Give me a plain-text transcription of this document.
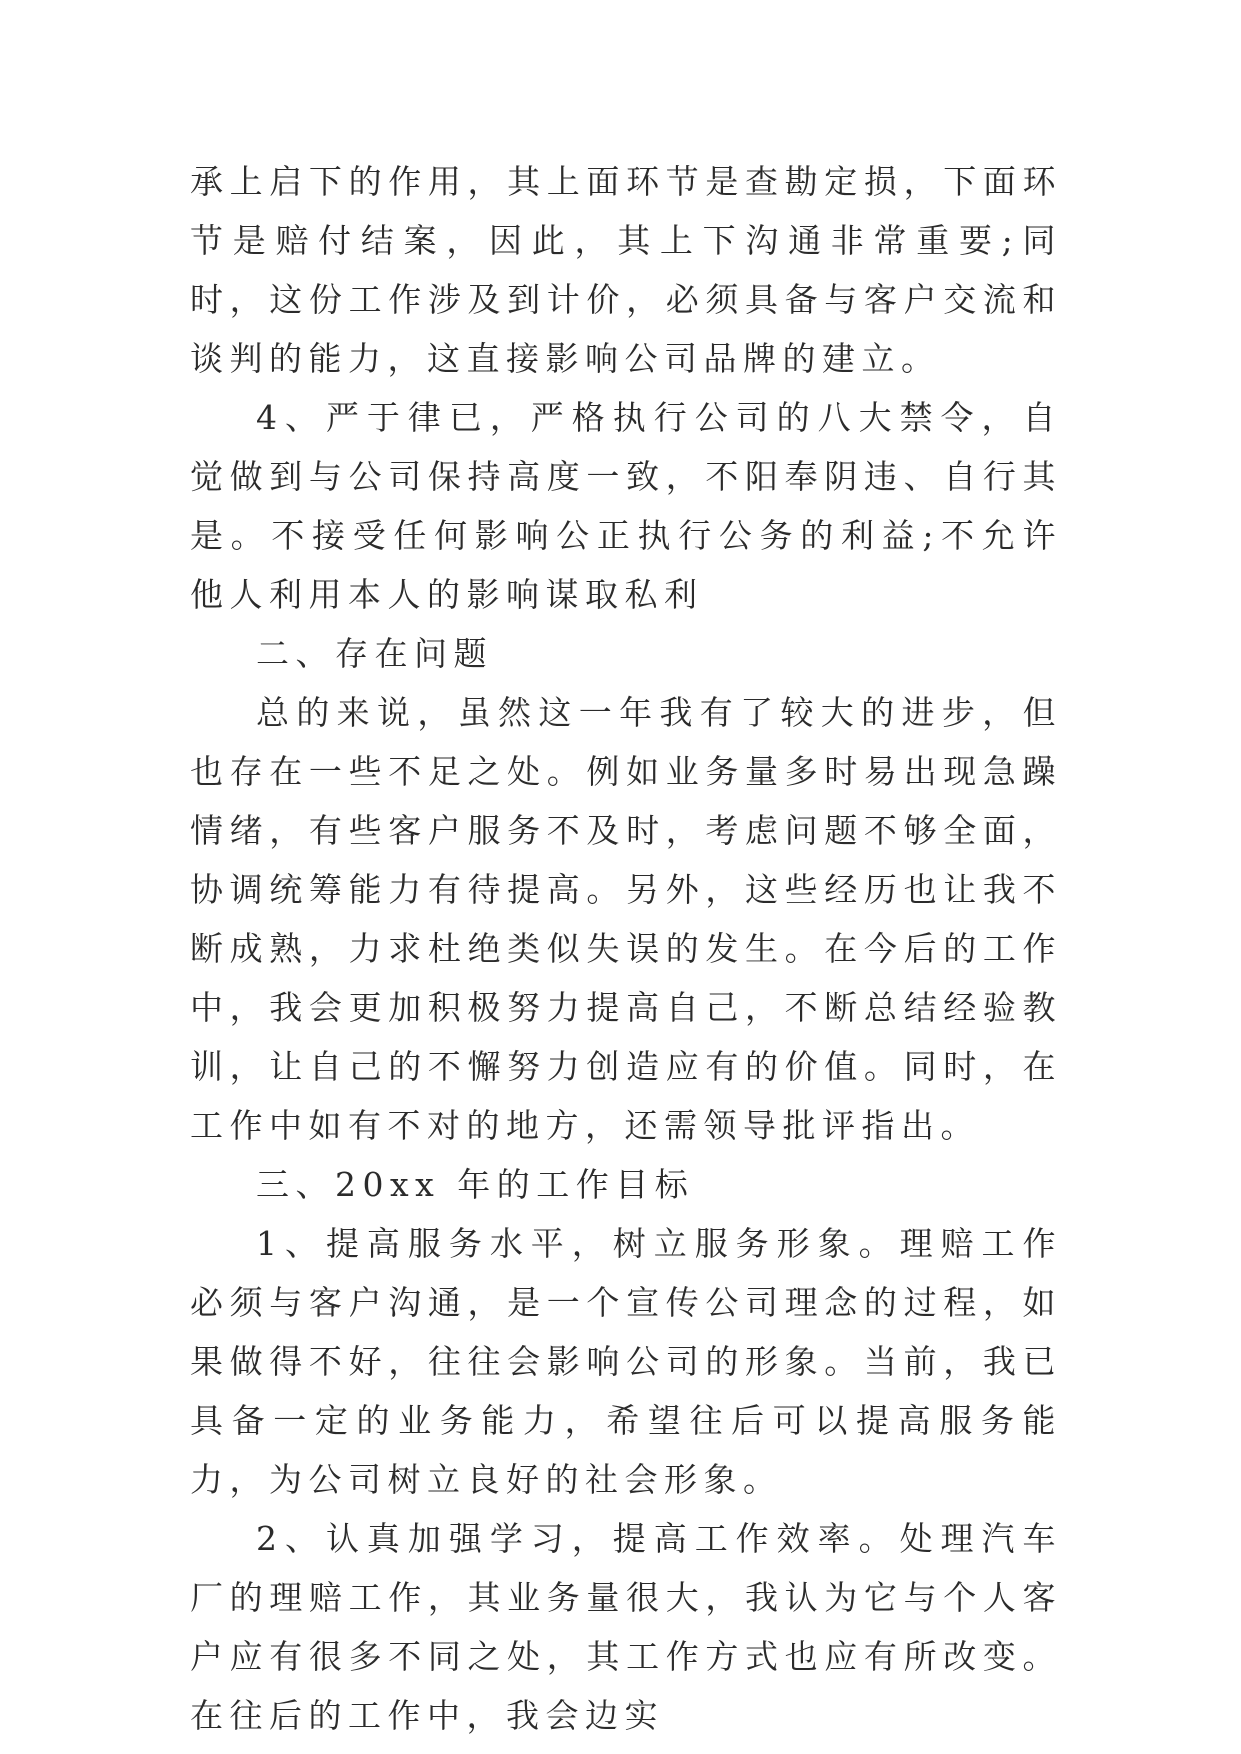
承上启下的作用，其上面环节是查勘定损，下面环节是赔付结案，因此，其上下沟通非常重要;同时，这份工作涉及到计价，必须具备与客户交流和谈判的能力，这直接影响公司品牌的建立。

4、严于律已，严格执行公司的八大禁令，自觉做到与公司保持高度一致，不阳奉阴违、自行其是。不接受任何影响公正执行公务的利益;不允许他人利用本人的影响谋取私利

二、存在问题

总的来说，虽然这一年我有了较大的进步，但也存在一些不足之处。例如业务量多时易出现急躁情绪，有些客户服务不及时，考虑问题不够全面，协调统筹能力有待提高。另外，这些经历也让我不断成熟，力求杜绝类似失误的发生。在今后的工作中，我会更加积极努力提高自己，不断总结经验教训，让自己的不懈努力创造应有的价值。同时，在工作中如有不对的地方，还需领导批评指出。

三、20xx 年的工作目标

1、提高服务水平，树立服务形象。理赔工作必须与客户沟通，是一个宣传公司理念的过程，如果做得不好，往往会影响公司的形象。当前，我已具备一定的业务能力，希望往后可以提高服务能力，为公司树立良好的社会形象。

2、认真加强学习，提高工作效率。处理汽车厂的理赔工作，其业务量很大，我认为它与个人客户应有很多不同之处，其工作方式也应有所改变。在往后的工作中，我会边实
